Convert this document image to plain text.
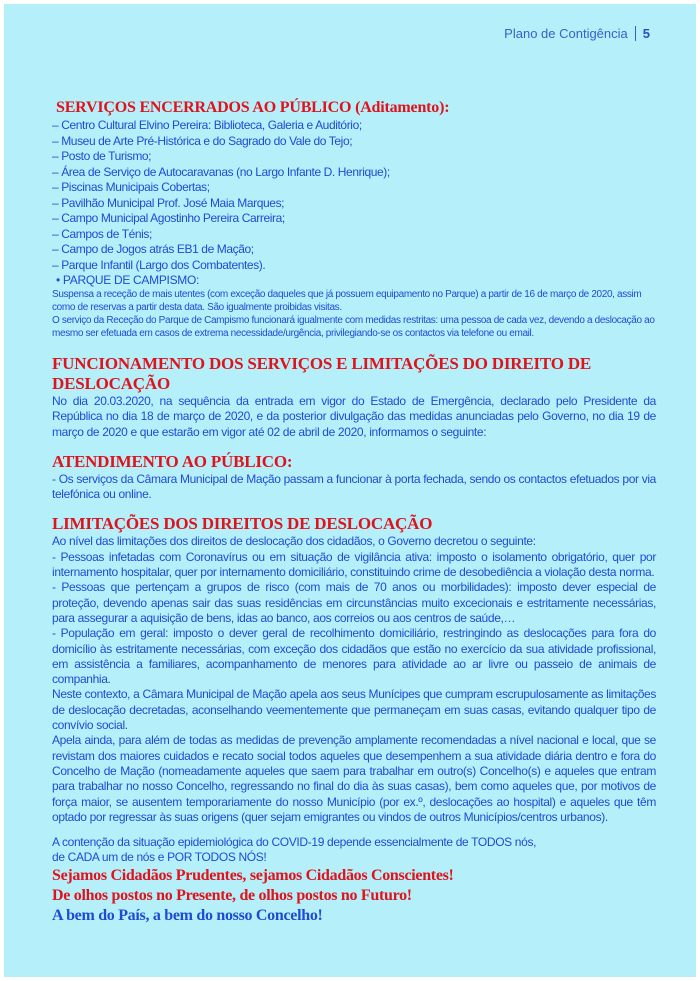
Plano de Contigência 5
SERVIÇOS ENCERRADOS AO PÚBLICO (Aditamento):
– Centro Cultural Elvino Pereira: Biblioteca, Galeria e Auditório;
– Museu de Arte Pré-Histórica e do Sagrado do Vale do Tejo;
– Posto de Turismo;
– Área de Serviço de Autocaravanas (no Largo Infante D. Henrique);
– Piscinas Municipais Cobertas;
– Pavilhão Municipal Prof. José Maia Marques;
– Campo Municipal Agostinho Pereira Carreira;
– Campos de Ténis;
– Campo de Jogos atrás EB1 de Mação;
– Parque Infantil (Largo dos Combatentes).
• PARQUE DE CAMPISMO:
Suspensa a receção de mais utentes (com exceção daqueles que já possuem equipamento no Parque) a partir de 16 de março de 2020, assim como de reservas a partir desta data. São igualmente proibidas visitas.
O serviço da Receção do Parque de Campismo funcionará igualmente com medidas restritas: uma pessoa de cada vez, devendo a deslocação ao mesmo ser efetuada em casos de extrema necessidade/urgência, privilegiando-se os contactos via telefone ou email.
FUNCIONAMENTO DOS SERVIÇOS E LIMITAÇÕES DO DIREITO DE DESLOCAÇÃO

No dia 20.03.2020, na sequência da entrada em vigor do Estado de Emergência, declarado pelo Presidente da República no dia 18 de março de 2020, e da posterior divulgação das medidas anunciadas pelo Governo, no dia 19 de março de 2020 e que estarão em vigor até 02 de abril de 2020, informamos o seguinte:

ATENDIMENTO AO PÚBLICO:

- Os serviços da Câmara Municipal de Mação passam a funcionar à porta fechada, sendo os contactos efetuados por via telefónica ou online.

LIMITAÇÕES DOS DIREITOS DE DESLOCAÇÃO

Ao nível das limitações dos direitos de deslocação dos cidadãos, o Governo decretou o seguinte:

- Pessoas infetadas com Coronavírus ou em situação de vigilância ativa: imposto o isolamento obrigatório, quer por internamento hospitalar, quer por internamento domiciliário, constituindo crime de desobediência a violação desta norma.

- Pessoas que pertençam a grupos de risco (com mais de 70 anos ou morbilidades): imposto dever especial de proteção, devendo apenas sair das suas residências em circunstâncias muito excecionais e estritamente necessárias, para assegurar a aquisição de bens, idas ao banco, aos correios ou aos centros de saúde,…

- População em geral: imposto o dever geral de recolhimento domiciliário, restringindo as deslocações para fora do domicílio às estritamente necessárias, com exceção dos cidadãos que estão no exercício da sua atividade profissional, em assistência a familiares, acompanhamento de menores para atividade ao ar livre ou passeio de animais de companhia.

Neste contexto, a Câmara Municipal de Mação apela aos seus Munícipes que cumpram escrupulosamente as limitações de deslocação decretadas, aconselhando veementemente que permaneçam em suas casas, evitando qualquer tipo de convívio social.

Apela ainda, para além de todas as medidas de prevenção amplamente recomendadas a nível nacional e local, que se revistam dos maiores cuidados e recato social todos aqueles que desempenhem a sua atividade diária dentro e fora do Concelho de Mação (nomeadamente aqueles que saem para trabalhar em outro(s) Concelho(s) e aqueles que entram para trabalhar no nosso Concelho, regressando no final do dia às suas casas), bem como aqueles que, por motivos de força maior, se ausentem temporariamente do nosso Município (por ex.º, deslocações ao hospital) e aqueles que têm optado por regressar às suas origens (quer sejam emigrantes ou vindos de outros Municípios/centros urbanos).

A contenção da situação epidemiológica do COVID-19 depende essencialmente de TODOS nós,
de CADA um de nós e POR TODOS NÓS!
Sejamos Cidadãos Prudentes, sejamos Cidadãos Conscientes!
De olhos postos no Presente, de olhos postos no Futuro!
A bem do País, a bem do nosso Concelho!
